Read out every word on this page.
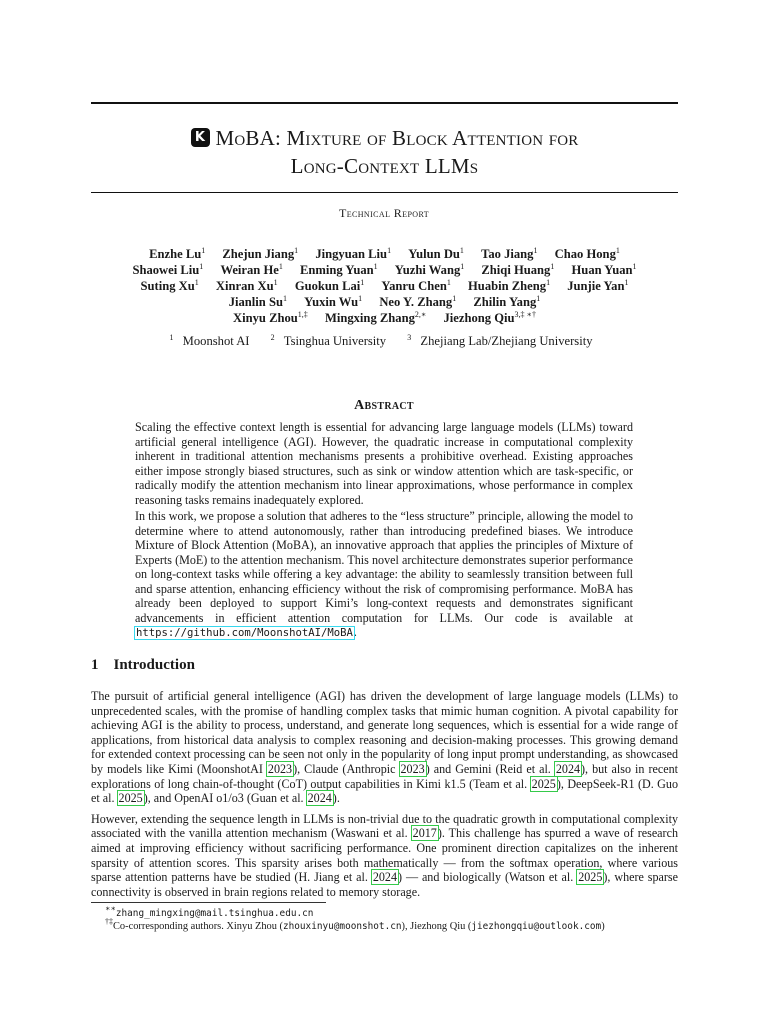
KMoBA: Mixture of Block Attention for
Long-Context LLMs
Technical Report
Enzhe Lu$^1$ Zhejun Jiang$^1$ Jingyuan Liu$^1$ Yulun Du$^1$ Tao Jiang$^1$ Chao Hong$^1$
Shaowei Liu$^1$ Weiran He$^1$ Enming Yuan$^1$ Yuzhi Wang$^1$ Zhiqi Huang$^1$ Huan Yuan$^1$
Suting Xu$^1$ Xinran Xu$^1$ Guokun Lai$^1$ Yanru Chen$^1$ Huabin Zheng$^1$ Junjie Yan$^1$
Jianlin Su$^1$ Yuxin Wu$^1$ Neo Y. Zhang$^1$ Zhilin Yang$^1$
Xinyu Zhou$^{1,\ddagger}$ Mingxing Zhang$^{2,∗}$ Jiezhong Qiu$^{3,\ddagger ∗\dagger}$
$^1$ Moonshot AI	$^2$ Tsinghua University	$^3$ Zhejiang Lab/Zhejiang University
Abstract

Scaling the effective context length is essential for advancing large language models (LLMs) toward artificial general intelligence (AGI). However, the quadratic increase in computational complexity inherent in traditional attention mechanisms presents a prohibitive overhead. Existing approaches either impose strongly biased structures, such as sink or window attention which are task-specific, or radically modify the attention mechanism into linear approximations, whose performance in complex reasoning tasks remains inadequately explored.

In this work, we propose a solution that adheres to the “less structure” principle, allowing the model to determine where to attend autonomously, rather than introducing predefined biases. We introduce Mixture of Block Attention (MoBA), an innovative approach that applies the principles of Mixture of Experts (MoE) to the attention mechanism. This novel architecture demonstrates superior performance on long-context tasks while offering a key advantage: the ability to seamlessly transition between full and sparse attention, enhancing efficiency without the risk of compromising performance. MoBA has already been deployed to support Kimi’s long-context requests and demonstrates significant advancements in efficient attention computation for LLMs. Our code is available at https://github.com/MoonshotAI/MoBA.

1 Introduction

The pursuit of artificial general intelligence (AGI) has driven the development of large language models (LLMs) to unprecedented scales, with the promise of handling complex tasks that mimic human cognition. A pivotal capability for achieving AGI is the ability to process, understand, and generate long sequences, which is essential for a wide range of applications, from historical data analysis to complex reasoning and decision-making processes. This growing demand for extended context processing can be seen not only in the popularity of long input prompt understanding, as showcased by models like Kimi (MoonshotAI 2023), Claude (Anthropic 2023) and Gemini (Reid et al. 2024), but also in recent explorations of long chain-of-thought (CoT) output capabilities in Kimi k1.5 (Team et al. 2025), DeepSeek-R1 (D. Guo et al. 2025), and OpenAI o1/o3 (Guan et al. 2024).

However, extending the sequence length in LLMs is non-trivial due to the quadratic growth in computational complexity associated with the vanilla attention mechanism (Waswani et al. 2017). This challenge has spurred a wave of research aimed at improving efficiency without sacrificing performance. One prominent direction capitalizes on the inherent sparsity of attention scores. This sparsity arises both mathematically — from the softmax operation, where various sparse attention patterns have be studied (H. Jiang et al. 2024) — and biologically (Watson et al. 2025), where sparse connectivity is observed in brain regions related to memory storage.

∗∗zhang_mingxing@mail.tsinghua.edu.cn
†‡Co-corresponding authors. Xinyu Zhou (zhouxinyu@moonshot.cn), Jiezhong Qiu (jiezhongqiu@outlook.com)
